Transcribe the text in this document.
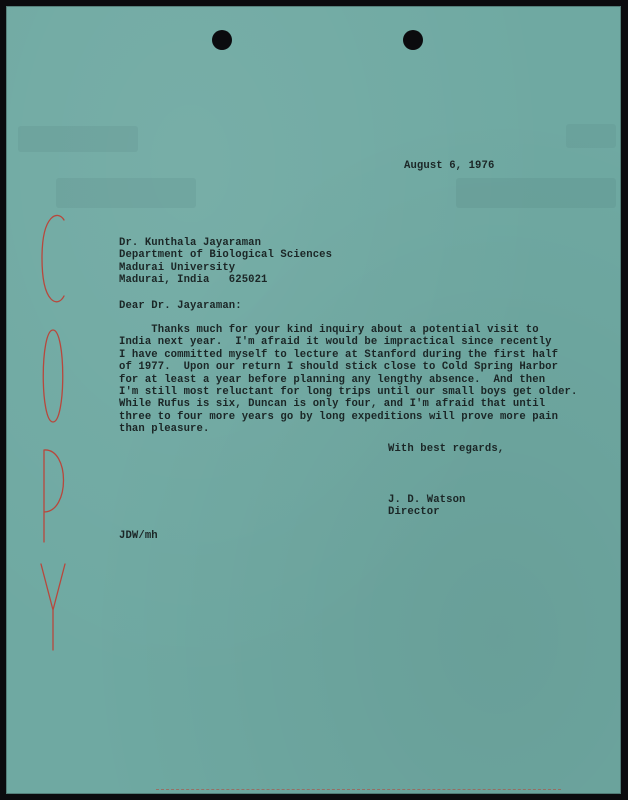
August 6, 1976
Dr. Kunthala Jayaraman
Department of Biological Sciences
Madurai University
Madurai, India   625021
Dear Dr. Jayaraman:
Thanks much for your kind inquiry about a potential visit to
India next year.  I'm afraid it would be impractical since recently
I have committed myself to lecture at Stanford during the first half
of 1977.  Upon our return I should stick close to Cold Spring Harbor
for at least a year before planning any lengthy absence.  And then
I'm still most reluctant for long trips until our small boys get older.
While Rufus is six, Duncan is only four, and I'm afraid that until
three to four more years go by long expeditions will prove more pain
than pleasure.
With best regards,
J. D. Watson
Director
JDW/mh
